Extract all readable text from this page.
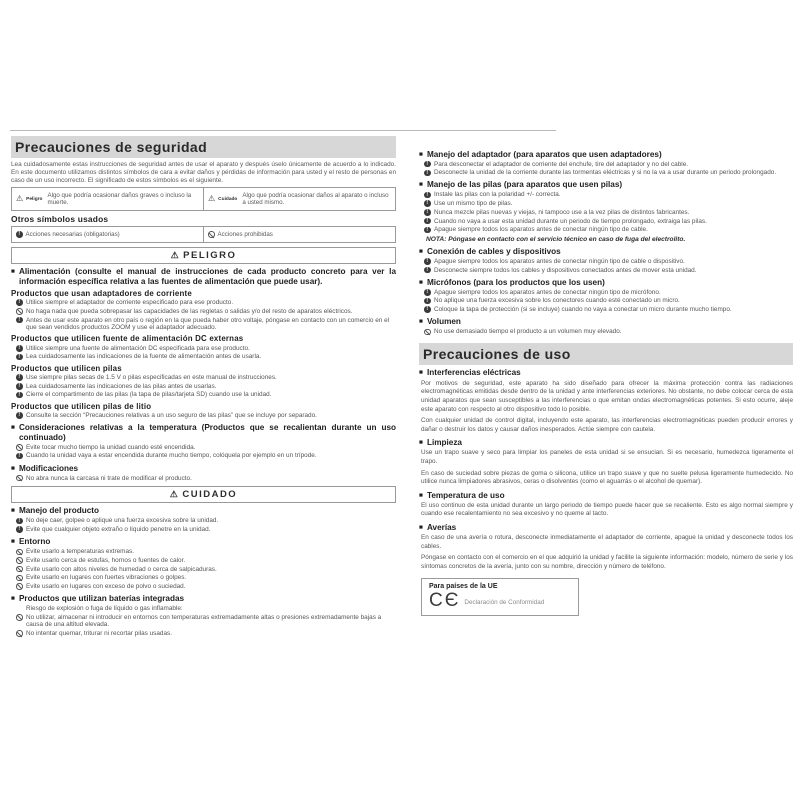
Precauciones de seguridad
Lea cuidadosamente estas instrucciones de seguridad antes de usar el aparato y después úselo únicamente de acuerdo a lo indicado. En este documento utilizamos distintos símbolos de cara a evitar daños y pérdidas de información para usted y el resto de personas en caso de un uso incorrecto. El significado de estos símbolos es el siguiente.
⚠ Peligro
Algo que podría ocasionar daños graves o incluso la muerte.	⚠ Cuidado
Algo que podría ocasionar daños al aparato o incluso a usted mismo.
Otros símbolos usados
! Acciones necesarias (obligatorias)	Acciones prohibidas
⚠ PELIGRO
■ Alimentación (consulte el manual de instrucciones de cada producto concreto para ver la información específica relativa a las fuentes de alimentación que puede usar).
Productos que usan adaptadores de corriente
! Utilice siempre el adaptador de corriente especificado para ese producto.
No haga nada que pueda sobrepasar las capacidades de las regletas o salidas y/o del resto de aparatos eléctricos.
! Antes de usar este aparato en otro país o región en la que pueda haber otro voltaje, póngase en contacto con un comercio en el que sean vendidos productos ZOOM y use el adaptador adecuado.
Productos que utilicen fuente de alimentación DC externas
! Utilice siempre una fuente de alimentación DC especificada para ese producto.
! Lea cuidadosamente las indicaciones de la fuente de alimentación antes de usarla.
Productos que utilicen pilas
! Use siempre pilas secas de 1.5 V o pilas especificadas en este manual de instrucciones.
! Lea cuidadosamente las indicaciones de las pilas antes de usarlas.
! Cierre el compartimento de las pilas (la tapa de pilas/tarjeta SD) cuando use la unidad.
Productos que utilicen pilas de litio
! Consulte la sección “Precauciones relativas a un uso seguro de las pilas” que se incluye por separado.
■ Consideraciones relativas a la temperatura (Productos que se recalientan durante un uso continuado)
Evite tocar mucho tiempo la unidad cuando esté encendida.
! Cuando la unidad vaya a estar encendida durante mucho tiempo, colóquela por ejemplo en un trípode.
■ Modificaciones
No abra nunca la carcasa ni trate de modificar el producto.
⚠ CUIDADO
■ Manejo del producto
! No deje caer, golpee o aplique una fuerza excesiva sobre la unidad.
! Evite que cualquier objeto extraño o líquido penetre en la unidad.
■ Entorno
Evite usarlo a temperaturas extremas.
Evite usarlo cerca de estufas, hornos o fuentes de calor.
Evite usarlo con altos niveles de humedad o cerca de salpicaduras.
Evite usarlo en lugares con fuertes vibraciones o golpes.
Evite usarlo en lugares con exceso de polvo o suciedad.
■ Productos que utilizan baterías integradas
Riesgo de explosión o fuga de líquido o gas inflamable:
No utilizar, almacenar ni introducir en entornos con temperaturas extremadamente altas o presiones extremadamente bajas a causa de una altitud elevada.
No intentar quemar, triturar ni recortar pilas usadas.
■ Manejo del adaptador (para aparatos que usen adaptadores)
! Para desconectar el adaptador de corriente del enchufe, tire del adaptador y no del cable.
! Desconecte la unidad de la corriente durante las tormentas eléctricas y si no la va a usar durante un periodo prolongado.
■ Manejo de las pilas (para aparatos que usen pilas)
! Instale las pilas con la polaridad +/- correcta.
! Use un mismo tipo de pilas.
! Nunca mezcle pilas nuevas y viejas, ni tampoco use a la vez pilas de distintos fabricantes.
! Cuando no vaya a usar esta unidad durante un periodo de tiempo prolongado, extraiga las pilas.
! Apague siempre todos los aparatos antes de conectar ningún tipo de cable.
NOTA: Póngase en contacto con el servicio técnico en caso de fuga del electrolito.
■ Conexión de cables y dispositivos
! Apague siempre todos los aparatos antes de conectar ningún tipo de cable o dispositivo.
! Desconecte siempre todos los cables y dispositivos conectados antes de mover esta unidad.
■ Micrófonos (para los productos que los usen)
! Apague siempre todos los aparatos antes de conectar ningún tipo de micrófono.
! No aplique una fuerza excesiva sobre los conectores cuando esté conectado un micro.
! Coloque la tapa de protección (si se incluye) cuando no vaya a conectar un micro durante mucho tiempo.
■ Volumen
No use demasiado tiempo el producto a un volumen muy elevado.
Precauciones de uso
■ Interferencias eléctricas
Por motivos de seguridad, este aparato ha sido diseñado para ofrecer la máxima protección contra las radiaciones electromagnéticas emitidas desde dentro de la unidad y ante interferencias exteriores. No obstante, no debe colocar cerca de esta unidad aparatos que sean susceptibles a las interferencias o que emitan ondas electromagnéticas potentes. Si esto ocurre, aleje este aparato con respecto al otro dispositivo todo lo posible.
Con cualquier unidad de control digital, incluyendo este aparato, las interferencias electromagnéticas pueden producir errores y dañar o destruir los datos y causar daños inesperados. Actúe siempre con cautela.
■ Limpieza
Use un trapo suave y seco para limpiar los paneles de esta unidad si se ensucian. Si es necesario, humedezca ligeramente el trapo.
En caso de suciedad sobre piezas de goma o silicona, utilice un trapo suave y que no suelte pelusa ligeramente humedecido. No utilice nunca limpiadores abrasivos, ceras o disolventes (como el aguarrás o el alcohol de quemar).
■ Temperatura de uso
El uso continuo de esta unidad durante un largo periodo de tiempo puede hacer que se recaliente. Esto es algo normal siempre y cuando ese recalentamiento no sea excesivo y no queme al tacto.
■ Averías
En caso de una avería o rotura, desconecte inmediatamente el adaptador de corriente, apague la unidad y desconecte todos los cables.
Póngase en contacto con el comercio en el que adquirió la unidad y facilite la siguiente información: modelo, número de serie y los síntomas concretos de la avería, junto con su nombre, dirección y número de teléfono.
Para países de la UE
CЄ Declaración de Conformidad
